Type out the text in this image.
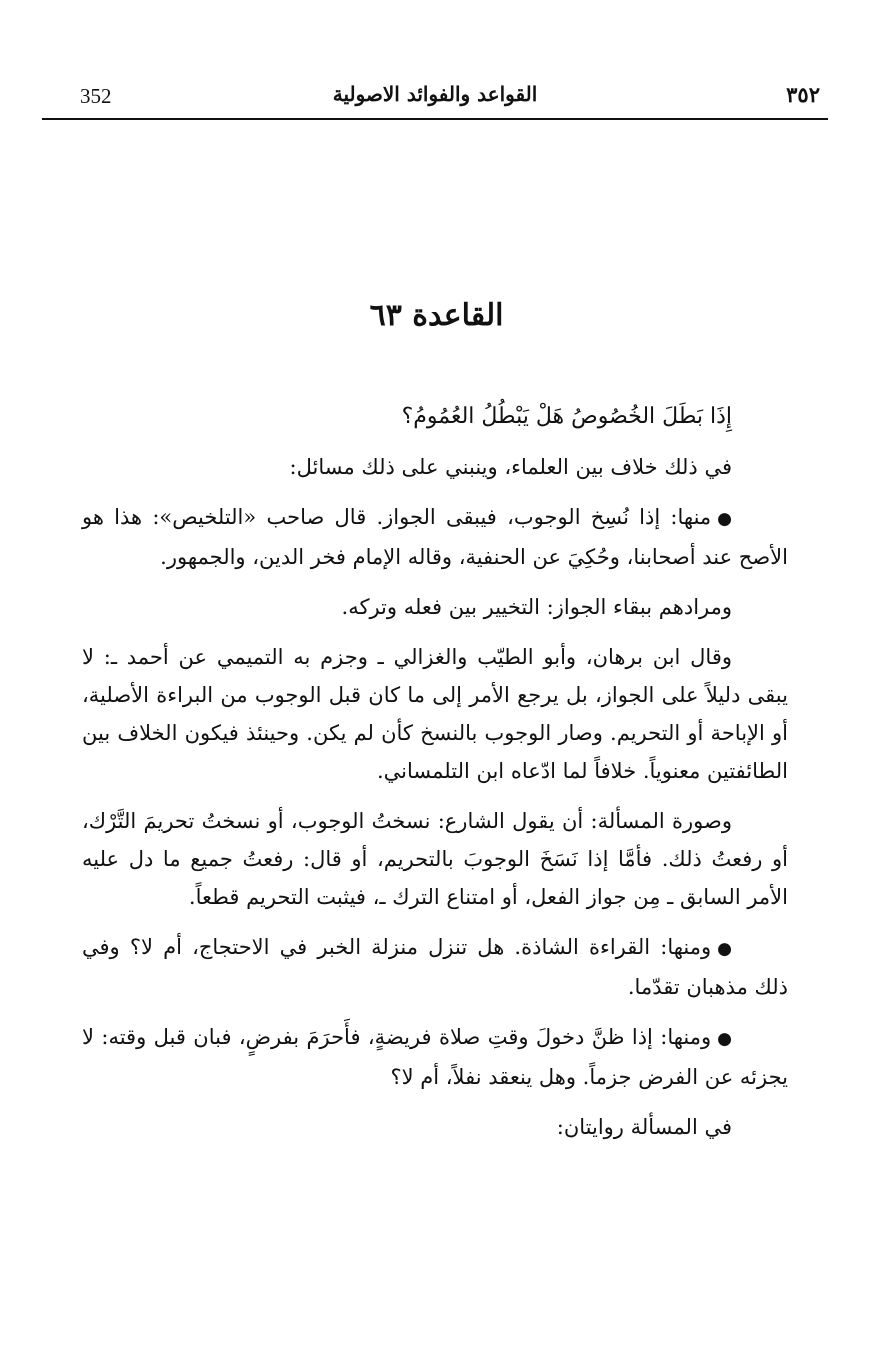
352	القواعد والفوائد الاصولية	٣٥٢
القاعدة ٦٣

إِذَا بَطَلَ الخُصُوصُ هَلْ يَبْطُلُ العُمُومُ؟

في ذلك خلاف بين العلماء، وينبني على ذلك مسائل:

●منها: إذا نُسِخ الوجوب، فيبقى الجواز. قال صاحب «التلخيص»: هذا هو الأصح عند أصحابنا، وحُكِيَ عن الحنفية، وقاله الإمام فخر الدين، والجمهور.

ومرادهم ببقاء الجواز: التخيير بين فعله وتركه.

وقال ابن برهان، وأبو الطيّب والغزالي ـ وجزم به التميمي عن أحمد ـ: لا يبقى دليلاً على الجواز، بل يرجع الأمر إلى ما كان قبل الوجوب من البراءة الأصلية، أو الإباحة أو التحريم. وصار الوجوب بالنسخ كأن لم يكن. وحينئذ فيكون الخلاف بين الطائفتين معنوياً. خلافاً لما ادّعاه ابن التلمساني.

وصورة المسألة: أن يقول الشارع: نسختُ الوجوب، أو نسختُ تحريمَ التَّرْك، أو رفعتُ ذلك. فأمَّا إذا نَسَخَ الوجوبَ بالتحريم، أو قال: رفعتُ جميع ما دل عليه الأمر السابق ـ مِن جواز الفعل، أو امتناع الترك ـ، فيثبت التحريم قطعاً.

●ومنها: القراءة الشاذة. هل تنزل منزلة الخبر في الاحتجاج، أم لا؟ وفي ذلك مذهبان تقدّما.

●ومنها: إذا ظنَّ دخولَ وقتِ صلاة فريضةٍ، فأَحرَمَ بفرضٍ، فبان قبل وقته: لا يجزئه عن الفرض جزماً. وهل ينعقد نفلاً، أم لا؟

في المسألة روايتان:
